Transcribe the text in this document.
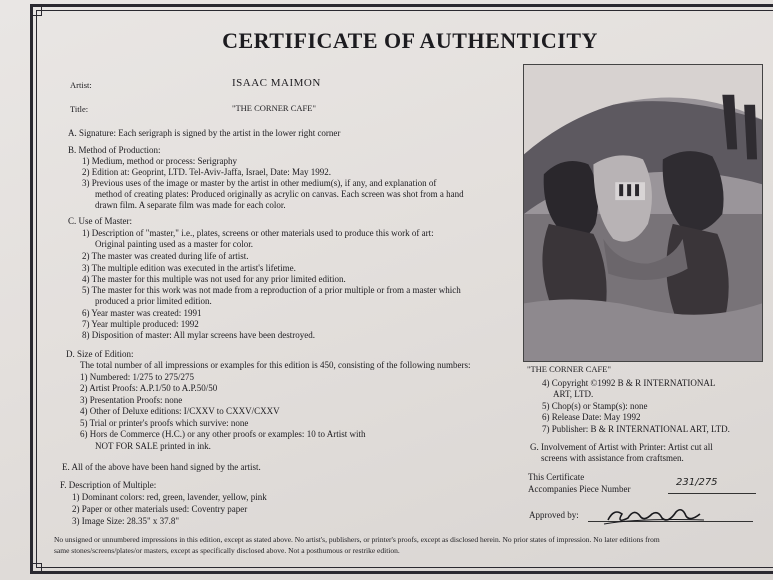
CERTIFICATE OF AUTHENTICITY
Artist:	ISAAC MAIMON
Title:	"THE CORNER CAFE"
A. Signature: Each serigraph is signed by the artist in the lower right corner
B. Method of Production:
1) Medium, method or process: Serigraphy
2) Edition at: Geoprint, LTD. Tel-Aviv-Jaffa, Israel, Date: May 1992.
3) Previous uses of the image or master by the artist in other medium(s), if any, and explanation of
method of creating plates: Produced originally as acrylic on canvas. Each screen was shot from a hand
drawn film. A separate film was made for each color.
C. Use of Master:
1) Description of "master," i.e., plates, screens or other materials used to produce this work of art:
Original painting used as a master for color.
2) The master was created during life of artist.
3) The multiple edition was executed in the artist's lifetime.
4) The master for this multiple was not used for any prior limited edition.
5) The master for this work was not made from a reproduction of a prior multiple or from a master which
produced a prior limited edition.
6) Year master was created: 1991
7) Year multiple produced: 1992
8) Disposition of master: All mylar screens have been destroyed.
D. Size of Edition:
The total number of all impressions or examples for this edition is 450, consisting of the following numbers:
1) Numbered: 1/275 to 275/275
2) Artist Proofs: A.P.1/50 to A.P.50/50
3) Presentation Proofs: none
4) Other of Deluxe editions: I/CXXV to CXXV/CXXV
5) Trial or printer's proofs which survive: none
6) Hors de Commerce (H.C.) or any other proofs or examples: 10 to Artist with
NOT FOR SALE printed in ink.
E. All of the above have been hand signed by the artist.
F. Description of Multiple:
1) Dominant colors: red, green, lavender, yellow, pink
2) Paper or other materials used: Coventry paper
3) Image Size: 28.35" x 37.8"
"THE CORNER CAFE"
4) Copyright ©1992 B & R INTERNATIONAL
ART, LTD.
5) Chop(s) or Stamp(s): none
6) Release Date: May 1992
7) Publisher: B & R INTERNATIONAL ART, LTD.
G. Involvement of Artist with Printer: Artist cut all
screens with assistance from craftsmen.
This Certificate
Accompanies Piece Number
231/275
Approved by:
No unsigned or unnumbered impressions in this edition, except as stated above. No artist's, publishers, or printer's proofs, except as disclosed herein. No prior states of impression. No later editions from
same stones/screens/plates/or masters, except as specifically disclosed above. Not a posthumous or restrike edition.
